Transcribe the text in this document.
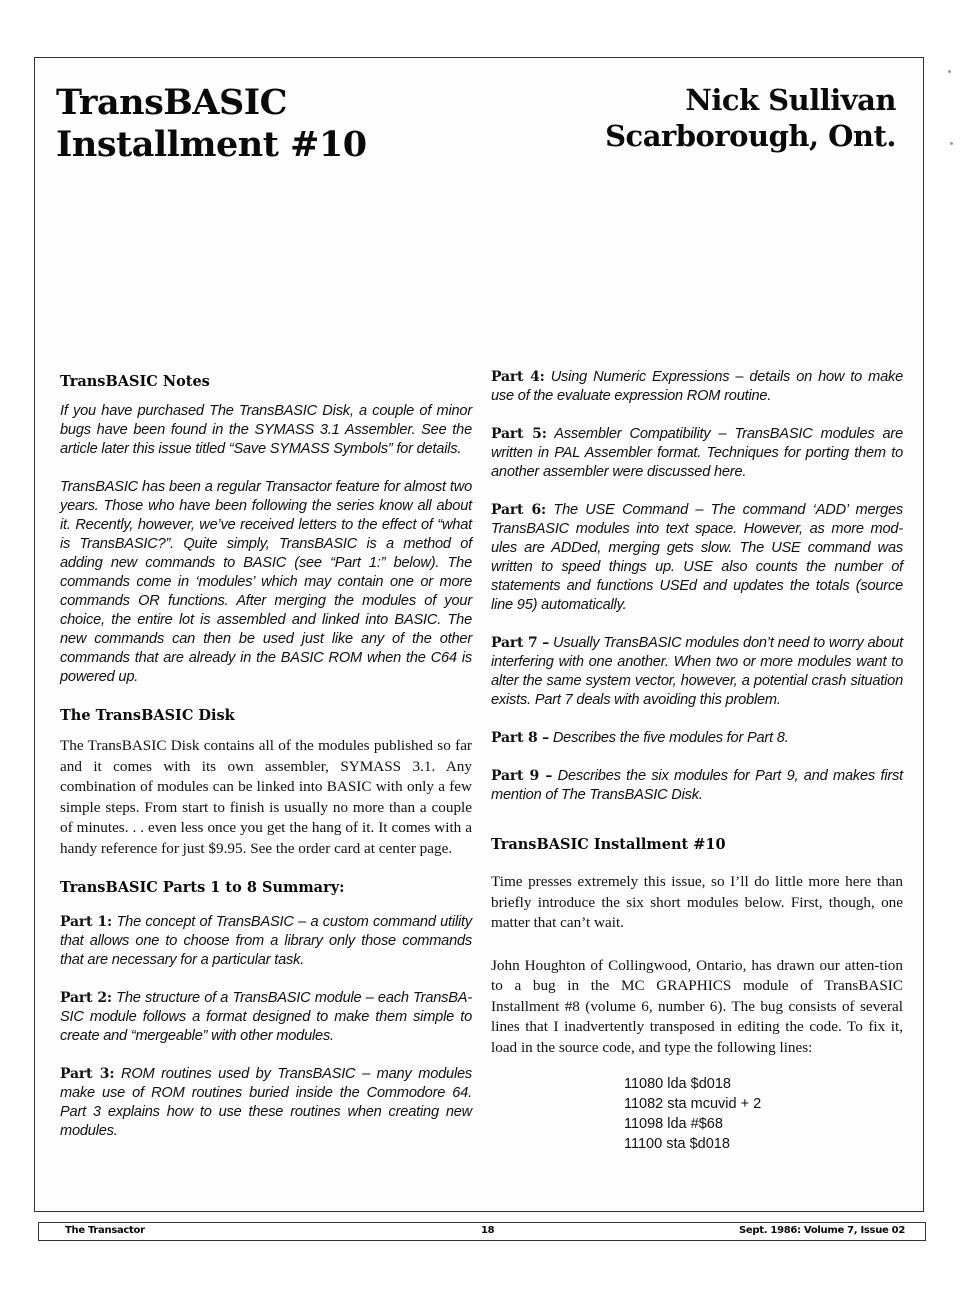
TransBASIC
Installment #10
Nick Sullivan
Scarborough, Ont.
TransBASIC Notes

If you have purchased The TransBASIC Disk, a couple of minor bugs have been found in the SYMASS 3.1 Assembler. See the article later this issue titled “Save SYMASS Symbols” for details.

TransBASIC has been a regular Transactor feature for almost two years. Those who have been following the series know all about it. Recently, however, we’ve received letters to the effect of “what is TransBASIC?”. Quite simply, TransBASIC is a method of adding new commands to BASIC (see “Part 1:” below). The commands come in ‘modules’ which may contain one or more commands OR functions. After merging the modules of your choice, the entire lot is assembled and linked into BASIC. The new commands can then be used just like any of the other commands that are already in the BASIC ROM when the C64 is powered up.

The TransBASIC Disk

The TransBASIC Disk contains all of the modules published so far and it comes with its own assembler, SYMASS 3.1. Any combination of modules can be linked into BASIC with only a few simple steps. From start to finish is usually no more than a couple of minutes. . . even less once you get the hang of it. It comes with a handy reference for just $9.95. See the order card at center page.

TransBASIC Parts 1 to 8 Summary:

Part 1: The concept of TransBASIC – a custom command utility that allows one to choose from a library only those commands that are necessary for a particular task.

Part 2: The structure of a TransBASIC module – each TransBA-SIC module follows a format designed to make them simple to create and “mergeable” with other modules.

Part 3: ROM routines used by TransBASIC – many modules make use of ROM routines buried inside the Commodore 64. Part 3 explains how to use these routines when creating new modules.

Part 4: Using Numeric Expressions – details on how to make use of the evaluate expression ROM routine.

Part 5: Assembler Compatibility – TransBASIC modules are written in PAL Assembler format. Techniques for porting them to another assembler were discussed here.

Part 6: The USE Command – The command ‘ADD’ merges TransBASIC modules into text space. However, as more mod-ules are ADDed, merging gets slow. The USE command was written to speed things up. USE also counts the number of statements and functions USEd and updates the totals (source line 95) automatically.

Part 7 – Usually TransBASIC modules don’t need to worry about interfering with one another. When two or more modules want to alter the same system vector, however, a potential crash situation exists. Part 7 deals with avoiding this problem.

Part 8 – Describes the five modules for Part 8.

Part 9 – Describes the six modules for Part 9, and makes first mention of The TransBASIC Disk.

TransBASIC Installment #10

Time presses extremely this issue, so I’ll do little more here than briefly introduce the six short modules below. First, though, one matter that can’t wait.

John Houghton of Collingwood, Ontario, has drawn our atten-tion to a bug in the MC GRAPHICS module of TransBASIC Installment #8 (volume 6, number 6). The bug consists of several lines that I inadvertently transposed in editing the code. To fix it, load in the source code, and type the following lines:

11080 lda $d018
11082 sta mcuvid + 2
11098 lda #$68
11100 sta $d018
The Transactor	18	Sept. 1986: Volume 7, Issue 02
